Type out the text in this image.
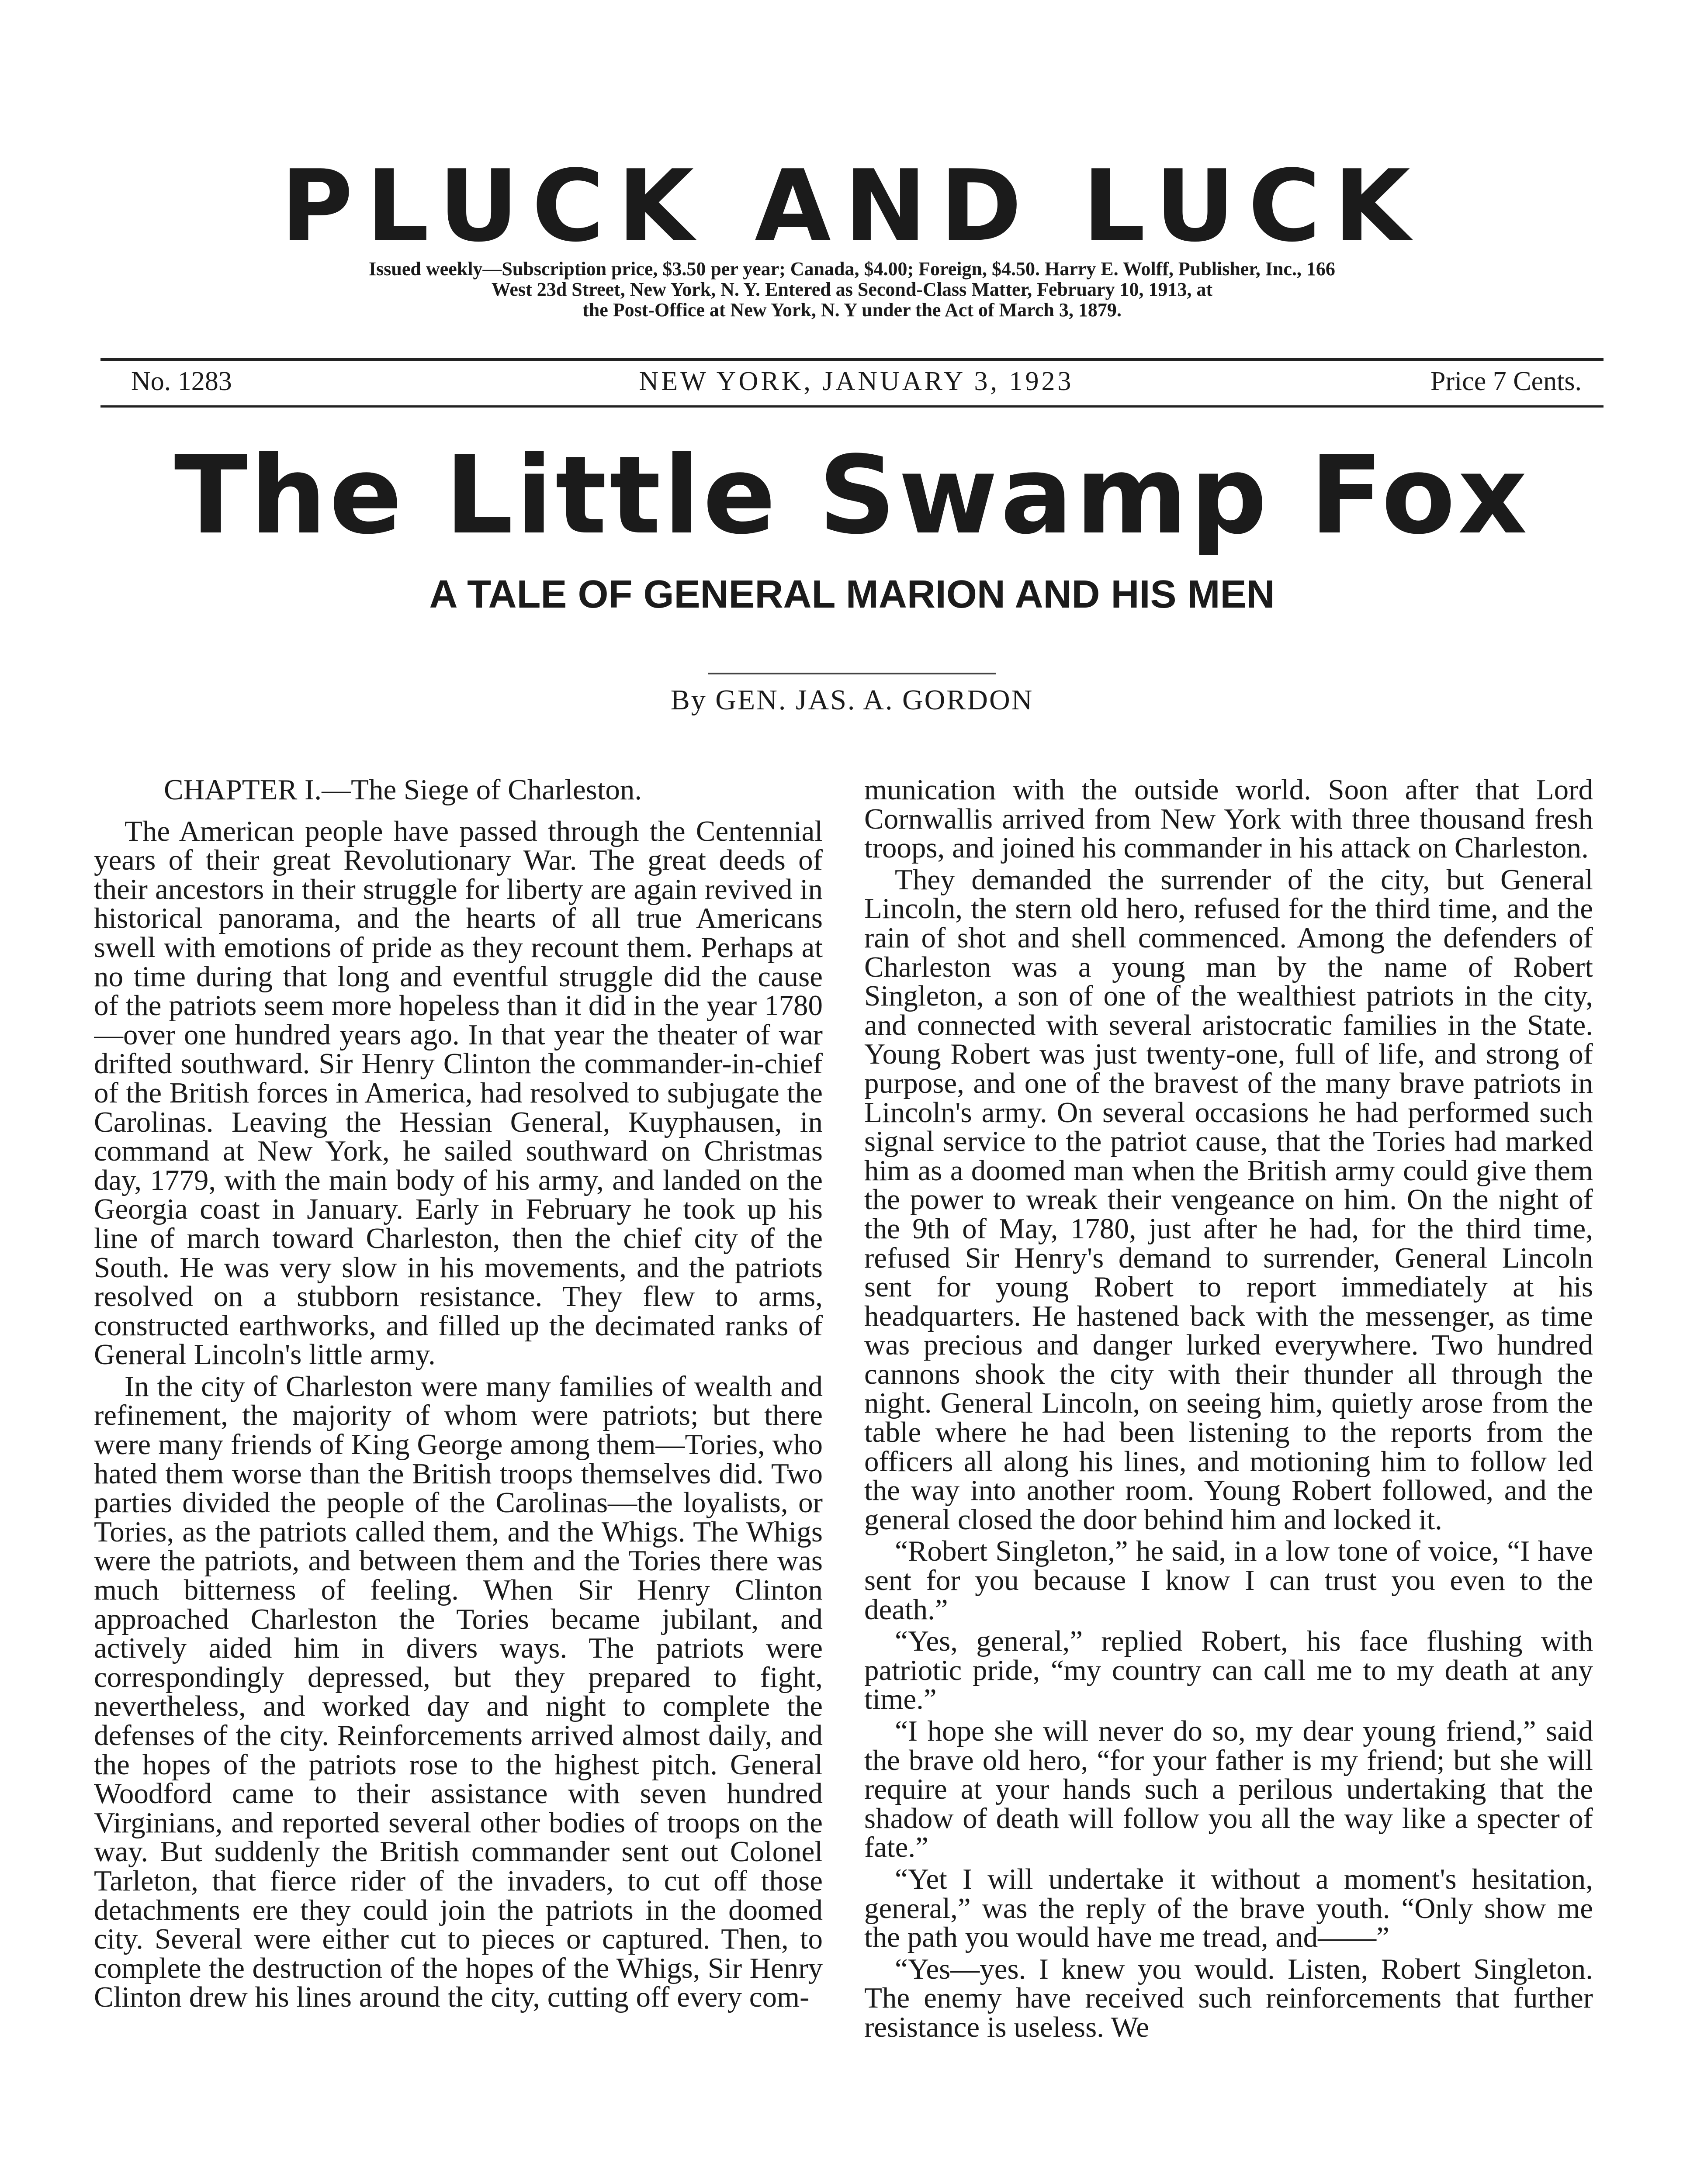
PLUCK AND LUCK
Issued weekly—Subscription price, $3.50 per year; Canada, $4.00; Foreign, $4.50. Harry E. Wolff, Publisher, Inc., 166
West 23d Street, New York, N. Y. Entered as Second-Class Matter, February 10, 1913, at
the Post-Office at New York, N. Y under the Act of March 3, 1879.
NEW YORK, JANUARY 3, 1923
No. 1283	Price 7 Cents.
The Little Swamp Fox
A TALE OF GENERAL MARION AND HIS MEN
By GEN. JAS. A. GORDON

CHAPTER I.—The Siege of Charleston.

The American people have passed through the Centennial years of their great Revolutionary War. The great deeds of their ancestors in their struggle for liberty are again revived in historical panorama, and the hearts of all true Americans swell with emotions of pride as they recount them. Perhaps at no time during that long and eventful struggle did the cause of the patriots seem more hopeless than it did in the year 1780—over one hundred years ago. In that year the theater of war drifted southward. Sir Henry Clinton the commander-in-chief of the British forces in America, had resolved to subjugate the Carolinas. Leaving the Hessian General, Kuyphausen, in command at New York, he sailed southward on Christmas day, 1779, with the main body of his army, and landed on the Georgia coast in January. Early in February he took up his line of march toward Charleston, then the chief city of the South. He was very slow in his movements, and the patriots resolved on a stubborn resistance. They flew to arms, constructed earthworks, and filled up the decimated ranks of General Lincoln's little army.

In the city of Charleston were many families of wealth and refinement, the majority of whom were patriots; but there were many friends of King George among them—Tories, who hated them worse than the British troops themselves did. Two parties divided the people of the Carolinas—the loyalists, or Tories, as the patriots called them, and the Whigs. The Whigs were the patriots, and between them and the Tories there was much bitterness of feeling. When Sir Henry Clinton approached Charleston the Tories became jubilant, and actively aided him in divers ways. The patriots were correspondingly depressed, but they prepared to fight, nevertheless, and worked day and night to complete the defenses of the city. Reinforcements arrived almost daily, and the hopes of the patriots rose to the highest pitch. General Woodford came to their assistance with seven hundred Virginians, and reported several other bodies of troops on the way. But suddenly the British commander sent out Colonel Tarleton, that fierce rider of the invaders, to cut off those detachments ere they could join the patriots in the doomed city. Several were either cut to pieces or captured. Then, to complete the destruction of the hopes of the Whigs, Sir Henry Clinton drew his lines around the city, cutting off every com-

munication with the outside world. Soon after that Lord Cornwallis arrived from New York with three thousand fresh troops, and joined his commander in his attack on Charleston.

They demanded the surrender of the city, but General Lincoln, the stern old hero, refused for the third time, and the rain of shot and shell commenced. Among the defenders of Charleston was a young man by the name of Robert Singleton, a son of one of the wealthiest patriots in the city, and connected with several aristocratic families in the State. Young Robert was just twenty-one, full of life, and strong of purpose, and one of the bravest of the many brave patriots in Lincoln's army. On several occasions he had performed such signal service to the patriot cause, that the Tories had marked him as a doomed man when the British army could give them the power to wreak their vengeance on him. On the night of the 9th of May, 1780, just after he had, for the third time, refused Sir Henry's demand to surrender, General Lincoln sent for young Robert to report immediately at his headquarters. He hastened back with the messenger, as time was precious and danger lurked everywhere. Two hundred cannons shook the city with their thunder all through the night. General Lincoln, on seeing him, quietly arose from the table where he had been listening to the reports from the officers all along his lines, and motioning him to follow led the way into another room. Young Robert followed, and the general closed the door behind him and locked it.

“Robert Singleton,” he said, in a low tone of voice, “I have sent for you because I know I can trust you even to the death.”

“Yes, general,” replied Robert, his face flushing with patriotic pride, “my country can call me to my death at any time.”

“I hope she will never do so, my dear young friend,” said the brave old hero, “for your father is my friend; but she will require at your hands such a perilous undertaking that the shadow of death will follow you all the way like a specter of fate.”

“Yet I will undertake it without a moment's hesitation, general,” was the reply of the brave youth. “Only show me the path you would have me tread, and——”

“Yes—yes. I knew you would. Listen, Robert Singleton. The enemy have received such reinforcements that further resistance is useless. We
